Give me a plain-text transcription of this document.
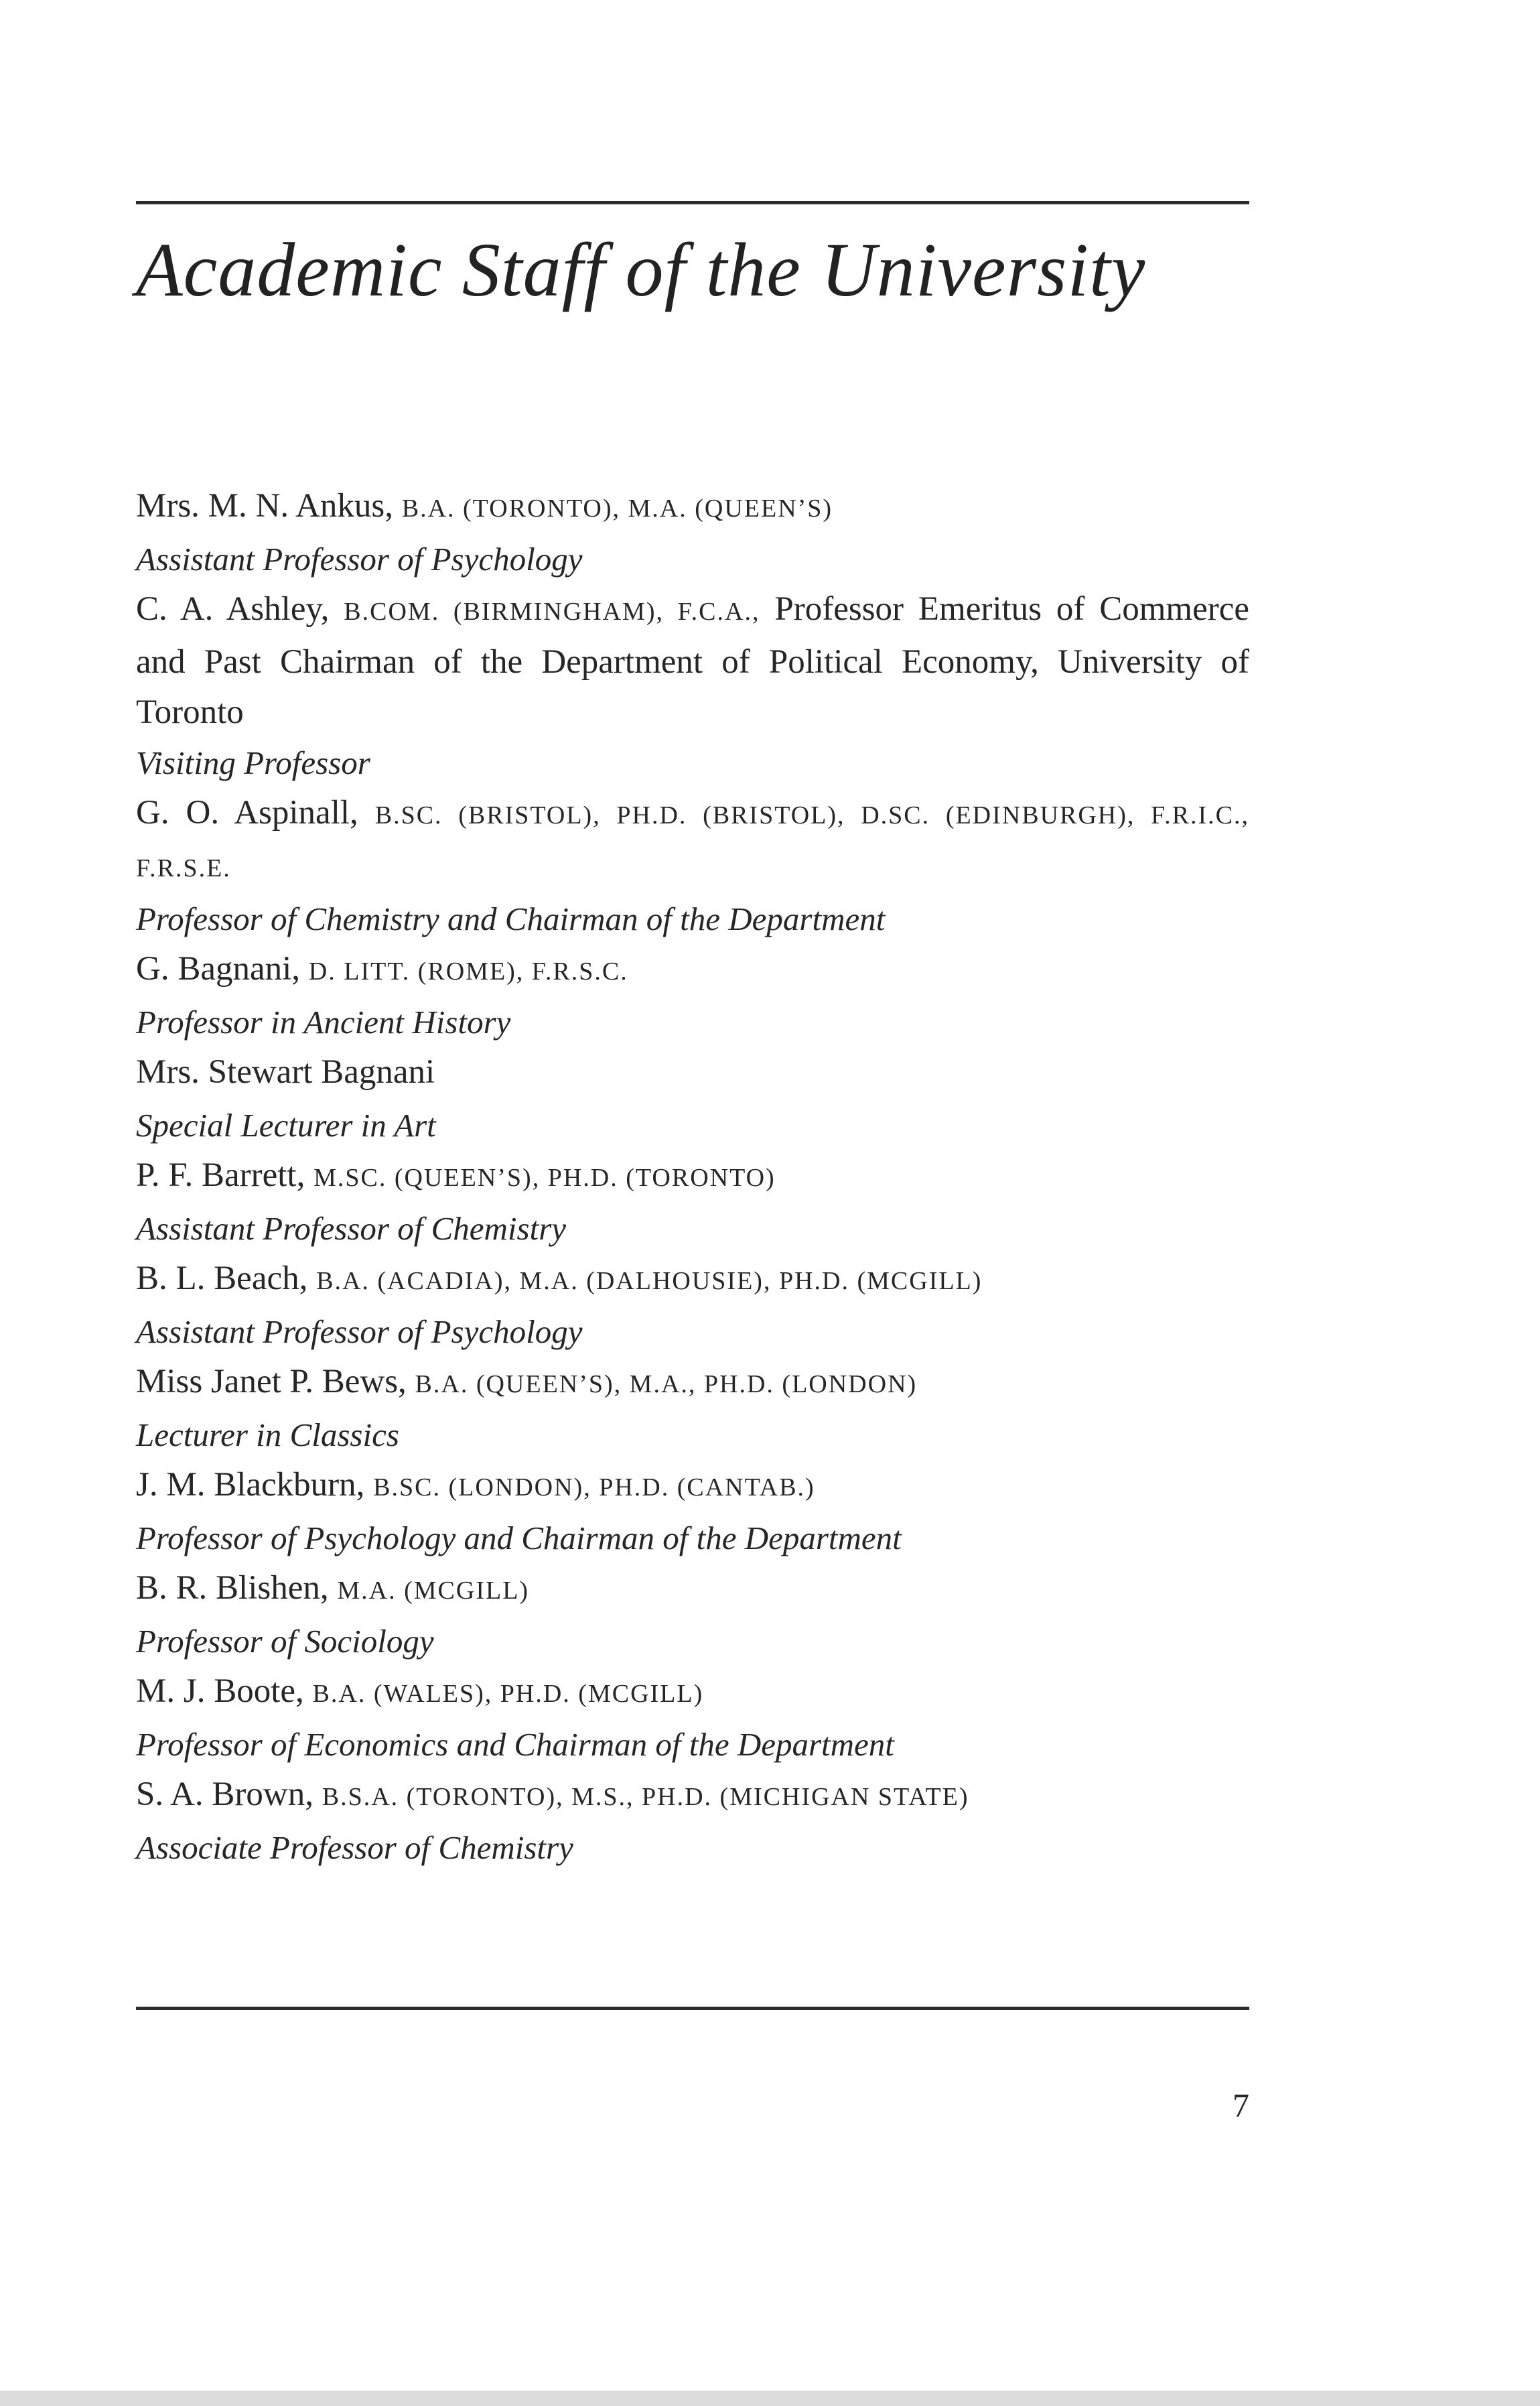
Academic Staff of the University

Mrs. M. N. Ankus, B.A. (TORONTO), M.A. (QUEEN’S)

Assistant Professor of Psychology

C. A. Ashley, B.COM. (BIRMINGHAM), F.C.A., Professor Emeritus of Commerce and Past Chairman of the Department of Political Economy, University of Toronto

Visiting Professor

G. O. Aspinall, B.SC. (BRISTOL), PH.D. (BRISTOL), D.SC. (EDINBURGH), F.R.I.C., F.R.S.E.

Professor of Chemistry and Chairman of the Department

G. Bagnani, D. LITT. (ROME), F.R.S.C.

Professor in Ancient History

Mrs. Stewart Bagnani

Special Lecturer in Art

P. F. Barrett, M.SC. (QUEEN’S), PH.D. (TORONTO)

Assistant Professor of Chemistry

B. L. Beach, B.A. (ACADIA), M.A. (DALHOUSIE), PH.D. (MCGILL)

Assistant Professor of Psychology

Miss Janet P. Bews, B.A. (QUEEN’S), M.A., PH.D. (LONDON)

Lecturer in Classics

J. M. Blackburn, B.SC. (LONDON), PH.D. (CANTAB.)

Professor of Psychology and Chairman of the Department

B. R. Blishen, M.A. (MCGILL)

Professor of Sociology

M. J. Boote, B.A. (WALES), PH.D. (MCGILL)

Professor of Economics and Chairman of the Department

S. A. Brown, B.S.A. (TORONTO), M.S., PH.D. (MICHIGAN STATE)

Associate Professor of Chemistry

7
